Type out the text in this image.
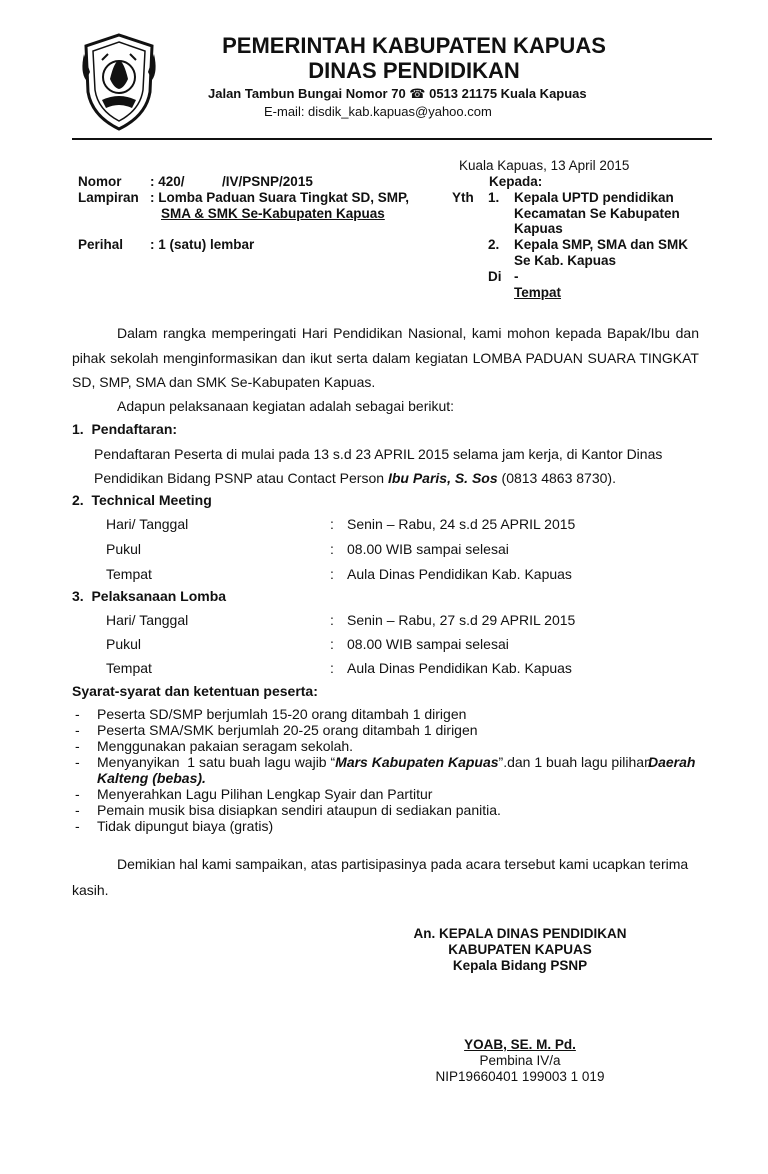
PEMERINTAH KABUPATEN KAPUAS
DINAS PENDIDIKAN
Jalan Tambun Bungai Nomor 70 ☎ 0513 21175 Kuala Kapuas
E-mail: disdik_kab.kapuas@yahoo.com
Kuala Kapuas, 13 April 2015
Nomor : 420/          /IV/PSNP/2015
Lampiran : Lomba Paduan Suara Tingkat SD, SMP,
SMA & SMK Se-Kabupaten Kapuas
Perihal : 1 (satu) lembar
Kepada:
Yth 1. Kepala UPTD pendidikan
Kecamatan Se Kabupaten
Kapuas
2. Kepala SMP, SMA dan SMK
Se Kab. Kapuas
Di -
Tempat
Dalam rangka memperingati Hari Pendidikan Nasional, kami mohon kepada Bapak/Ibu dan
pihak sekolah menginformasikan dan ikut serta dalam kegiatan LOMBA PADUAN SUARA TINGKAT
SD, SMP, SMA dan SMK Se-Kabupaten Kapuas.
Adapun pelaksanaan kegiatan adalah sebagai berikut:
1.  Pendaftaran:
Pendaftaran Peserta di mulai pada 13 s.d 23 APRIL 2015 selama jam kerja, di Kantor Dinas
Pendidikan Bidang PSNP atau Contact Person Ibu Paris, S. Sos (0813 4863 8730).
2.  Technical Meeting
Hari/ Tanggal	: Senin – Rabu, 24 s.d 25 APRIL 2015
Pukul	: 08.00 WIB sampai selesai
Tempat	: Aula Dinas Pendidikan Kab. Kapuas
3.  Pelaksanaan Lomba
Hari/ Tanggal	: Senin – Rabu, 27 s.d 29 APRIL 2015
Pukul	: 08.00 WIB sampai selesai
Tempat	: Aula Dinas Pendidikan Kab. Kapuas
Syarat-syarat dan ketentuan peserta:
- Peserta SD/SMP berjumlah 15-20 orang ditambah 1 dirigen
- Peserta SMA/SMK berjumlah 20-25 orang ditambah 1 dirigen
- Menggunakan pakaian seragam sekolah.
- Menyanyikan  1 satu buah lagu wajib “Mars Kabupaten Kapuas”.dan 1 buah lagu pilihan
Daerah
Kalteng (bebas).
- Menyerahkan Lagu Pilihan Lengkap Syair dan Partitur
- Pemain musik bisa disiapkan sendiri ataupun di sediakan panitia.
- Tidak dipungut biaya (gratis)
Demikian hal kami sampaikan, atas partisipasinya pada acara tersebut kami ucapkan terima
kasih.
An. KEPALA DINAS PENDIDIKAN
KABUPATEN KAPUAS
Kepala Bidang PSNP
YOAB, SE. M. Pd.
Pembina IV/a
NIP19660401 199003 1 019
